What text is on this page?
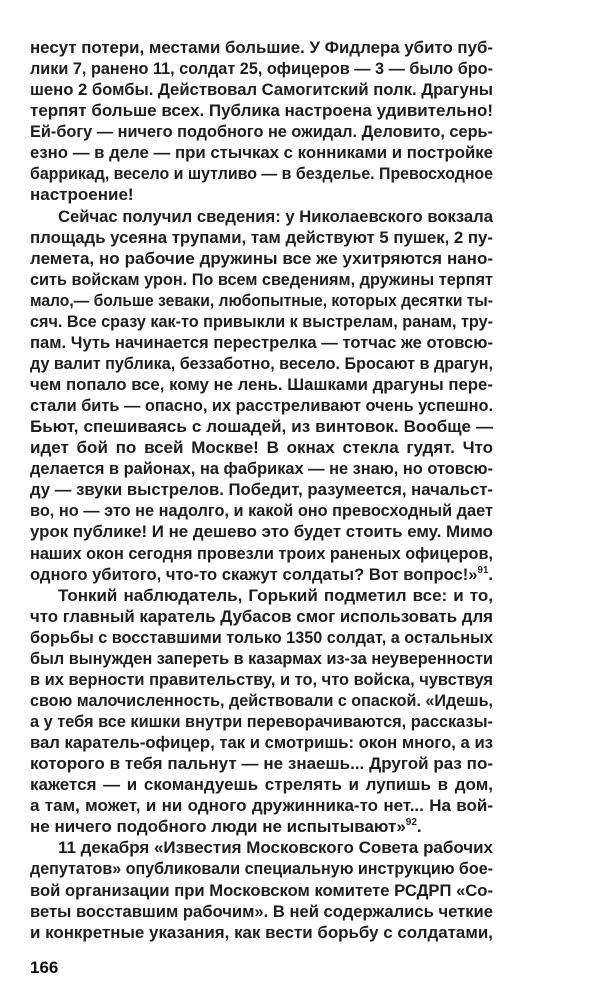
несут потери, местами большие. У Фидлера убито пуб-
лики 7, ранено 11, солдат 25, офицеров — 3 — было бро-
шено 2 бомбы. Действовал Самогитский полк. Драгуны
терпят больше всех. Публика настроена удивительно!
Ей-богу — ничего подобного не ожидал. Деловито, серь-
езно — в деле — при стычках с конниками и постройке
баррикад, весело и шутливо — в безделье. Превосходное
настроение!
Сейчас получил сведения: у Николаевского вокзала
площадь усеяна трупами, там действуют 5 пушек, 2 пу-
лемета, но рабочие дружины все же ухитряются нано-
сить войскам урон. По всем сведениям, дружины терпят
мало,— больше зеваки, любопытные, которых десятки ты-
сяч. Все сразу как-то привыкли к выстрелам, ранам, тру-
пам. Чуть начинается перестрелка — тотчас же отовсю-
ду валит публика, беззаботно, весело. Бросают в драгун,
чем попало все, кому не лень. Шашками драгуны пере-
стали бить — опасно, их расстреливают очень успешно.
Бьют, спешиваясь с лошадей, из винтовок. Вообще —
идет бой по всей Москве! В окнах стекла гудят. Что
делается в районах, на фабриках — не знаю, но отовсю-
ду — звуки выстрелов. Победит, разумеется, начальст-
во, но — это не надолго, и какой оно превосходный дает
урок публике! И не дешево это будет стоить ему. Мимо
наших окон сегодня провезли троих раненых офицеров,
одного убитого, что-то скажут солдаты? Вот вопрос!»$^{91}$.
Тонкий наблюдатель, Горький подметил все: и то,
что главный каратель Дубасов смог использовать для
борьбы с восставшими только 1350 солдат, а остальных
был вынужден запереть в казармах из-за неуверенности
в их верности правительству, и то, что войска, чувствуя
свою малочисленность, действовали с опаской. «Идешь,
а у тебя все кишки внутри переворачиваются, рассказы-
вал каратель-офицер, так и смотришь: окон много, а из
которого в тебя пальнут — не знаешь... Другой раз по-
кажется — и скомандуешь стрелять и лупишь в дом,
а там, может, и ни одного дружинника-то нет... На вой-
не ничего подобного люди не испытывают»$^{92}$.
11 декабря «Известия Московского Совета рабочих
депутатов» опубликовали специальную инструкцию бое-
вой организации при Московском комитете РСДРП «Со-
веты восставшим рабочим». В ней содержались четкие
и конкретные указания, как вести борьбу с солдатами,
166
